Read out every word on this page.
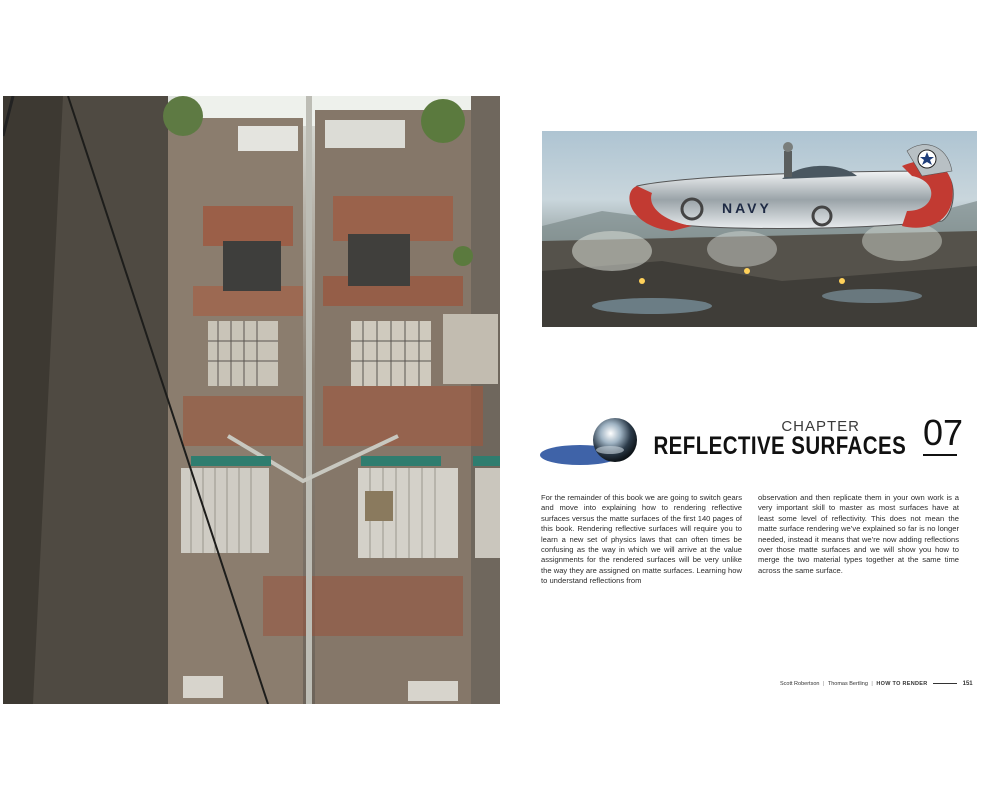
NAVY
CHAPTER
REFLECTIVE SURFACES 07

For the remainder of this book we are going to switch gears and move into explaining how to rendering reflective surfaces versus the matte surfaces of the first 140 pages of this book. Rendering reflective surfaces will require you to learn a new set of physics laws that can often times be confusing as the way in which we will arrive at the value assignments for the rendered surfaces will be very unlike the way they are assigned on matte surfaces. Learning how to understand reflections from

observation and then replicate them in your own work is a very important skill to master as most surfaces have at least some level of reflectivity. This does not mean the matte surface rendering we’ve explained so far is no longer needed, instead it means that we’re now adding reflections over those matte surfaces and we will show you how to merge the two material types together at the same time across the same surface.

Scott Robertson | Thomas Bertling | HOW TO RENDER	151
